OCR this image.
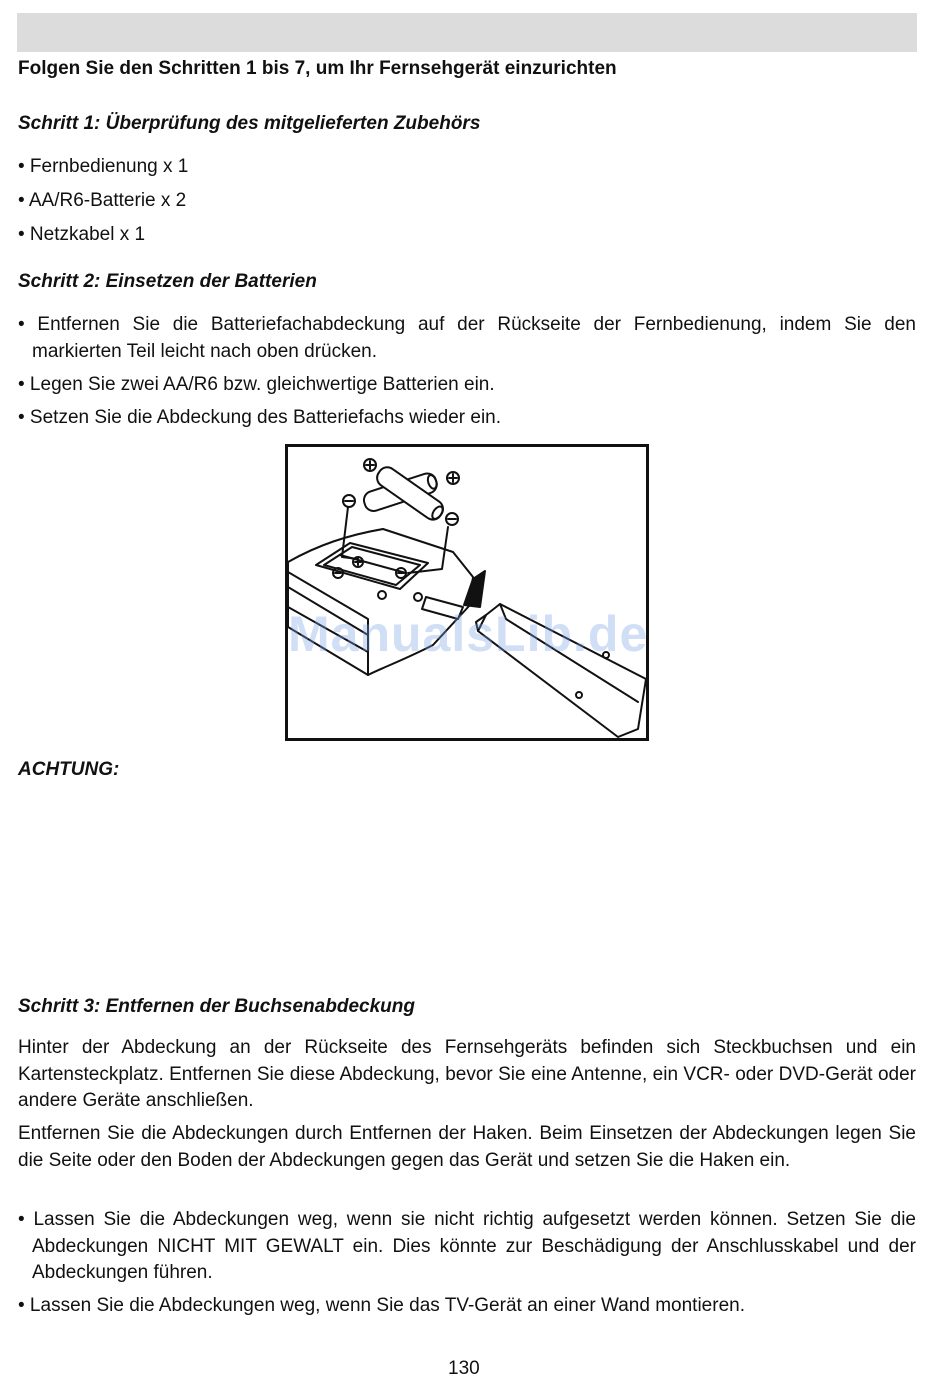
Folgen Sie den Schritten 1 bis 7, um Ihr Fernsehgerät einzurichten
Schritt 1: Überprüfung des mitgelieferten Zubehörs
• Fernbedienung x 1
• AA/R6-Batterie x 2
• Netzkabel x 1
Schritt 2: Einsetzen der Batterien
• Entfernen Sie die Batteriefachabdeckung auf der Rückseite der Fernbedienung, indem Sie den markierten Teil leicht nach oben drücken.
• Legen Sie zwei AA/R6 bzw. gleichwertige Batterien ein.
• Setzen Sie die Abdeckung des Batteriefachs wieder ein.
ManualsLib.de
ACHTUNG:
Schritt 3: Entfernen der Buchsenabdeckung
Hinter der Abdeckung an der Rückseite des Fernsehgeräts befinden sich Steckbuchsen und ein Kartensteckplatz. Entfernen Sie diese Abdeckung, bevor Sie eine Antenne, ein VCR- oder DVD-Gerät oder andere Geräte anschließen.
Entfernen Sie die Abdeckungen durch Entfernen der Haken. Beim Einsetzen der Abdeckungen legen Sie die Seite oder den Boden der Abdeckungen gegen das Gerät und setzen Sie die Haken ein.
• Lassen Sie die Abdeckungen weg, wenn sie nicht richtig aufgesetzt werden können. Setzen Sie die Abdeckungen NICHT MIT GEWALT ein. Dies könnte zur Beschädigung der Anschlusskabel und der Abdeckungen führen.
• Lassen Sie die Abdeckungen weg, wenn Sie das TV-Gerät an einer Wand montieren.
130
